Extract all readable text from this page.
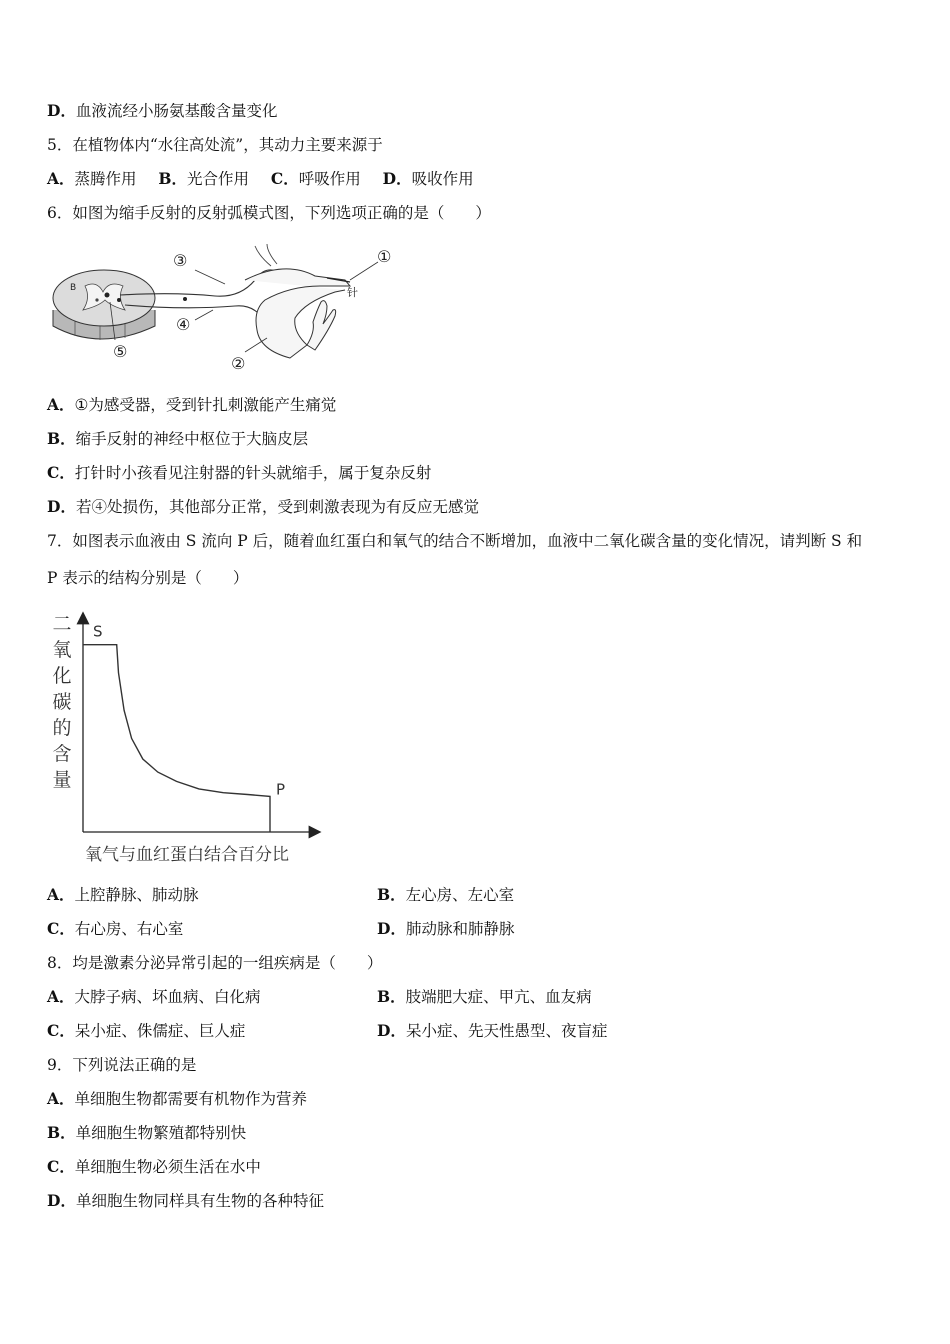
D．血液流经小肠氨基酸含量变化
5．在植物体内“水往高处流”，其动力主要来源于
A．蒸腾作用 B．光合作用 C．呼吸作用 D．吸收作用
6．如图为缩手反射的反射弧模式图，下列选项正确的是（　　）
B	针
①
③
④
⑤
②
A．①为感受器，受到针扎刺激能产生痛觉
B．缩手反射的神经中枢位于大脑皮层
C．打针时小孩看见注射器的针头就缩手，属于复杂反射
D．若④处损伤，其他部分正常，受到刺激表现为有反应无感觉
7．如图表示血液由 S 流向 P 后，随着血红蛋白和氧气的结合不断增加，血液中二氧化碳含量的变化情况，请判断 S 和
P 表示的结构分别是（　　）
二
氧
化
碳
的
含
量
氧气与血红蛋白结合百分比
S
P
A．上腔静脉、肺动脉	B．左心房、左心室
C．右心房、右心室	D．肺动脉和肺静脉
8．均是激素分泌异常引起的一组疾病是（　　）
A．大脖子病、坏血病、白化病	B．肢端肥大症、甲亢、血友病
C．呆小症、侏儒症、巨人症	D．呆小症、先天性愚型、夜盲症
9．下列说法正确的是
A．单细胞生物都需要有机物作为营养
B．单细胞生物繁殖都特别快
C．单细胞生物必须生活在水中
D．单细胞生物同样具有生物的各种特征
